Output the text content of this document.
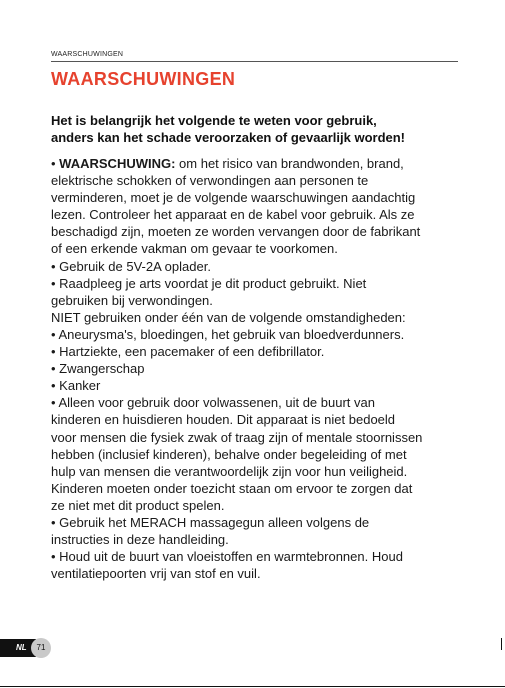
WAARSCHUWINGEN
WAARSCHUWINGEN
Het is belangrijk het volgende te weten voor gebruik,
anders kan het schade veroorzaken of gevaarlijk worden!
• WAARSCHUWING: om het risico van brandwonden, brand,
elektrische schokken of verwondingen aan personen te
verminderen, moet je de volgende waarschuwingen aandachtig
lezen. Controleer het apparaat en de kabel voor gebruik. Als ze
beschadigd zijn, moeten ze worden vervangen door de fabrikant
of een erkende vakman om gevaar te voorkomen.
• Gebruik de 5V-2A oplader.
• Raadpleeg je arts voordat je dit product gebruikt. Niet
gebruiken bij verwondingen.
NIET gebruiken onder één van de volgende omstandigheden:
• Aneurysma's, bloedingen, het gebruik van bloedverdunners.
• Hartziekte, een pacemaker of een defibrillator.
• Zwangerschap
• Kanker
• Alleen voor gebruik door volwassenen, uit de buurt van
kinderen en huisdieren houden. Dit apparaat is niet bedoeld
voor mensen die fysiek zwak of traag zijn of mentale stoornissen
hebben (inclusief kinderen), behalve onder begeleiding of met
hulp van mensen die verantwoordelijk zijn voor hun veiligheid.
Kinderen moeten onder toezicht staan om ervoor te zorgen dat
ze niet met dit product spelen.
• Gebruik het MERACH massagegun alleen volgens de
instructies in deze handleiding.
• Houd uit de buurt van vloeistoffen en warmtebronnen. Houd
ventilatiepoorten vrij van stof en vuil.
NL	71
